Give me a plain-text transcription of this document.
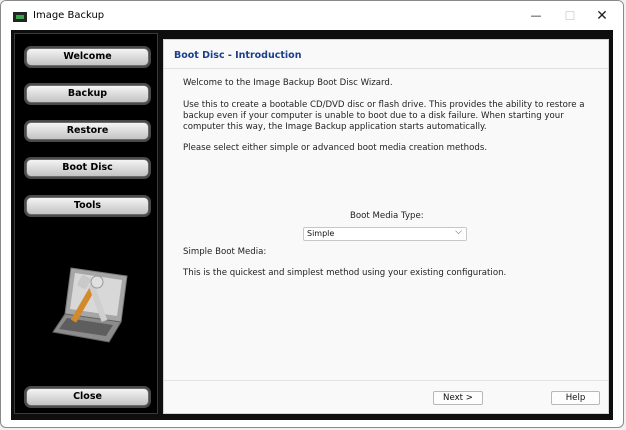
Image Backup	—	☐	✕
Welcome
Backup
Restore
Boot Disc
Tools
Close
Boot Disc - Introduction
Welcome to the Image Backup Boot Disc Wizard.
Use this to create a bootable CD/DVD disc or flash drive. This provides the ability to restore a backup even if your computer is unable to boot due to a disk failure. When starting your computer this way, the Image Backup application starts automatically.
Please select either simple or advanced boot media creation methods.
Boot Media Type:
Simple	⌵
Simple Boot Media:
This is the quickest and simplest method using your existing configuration.
Next >	Help
